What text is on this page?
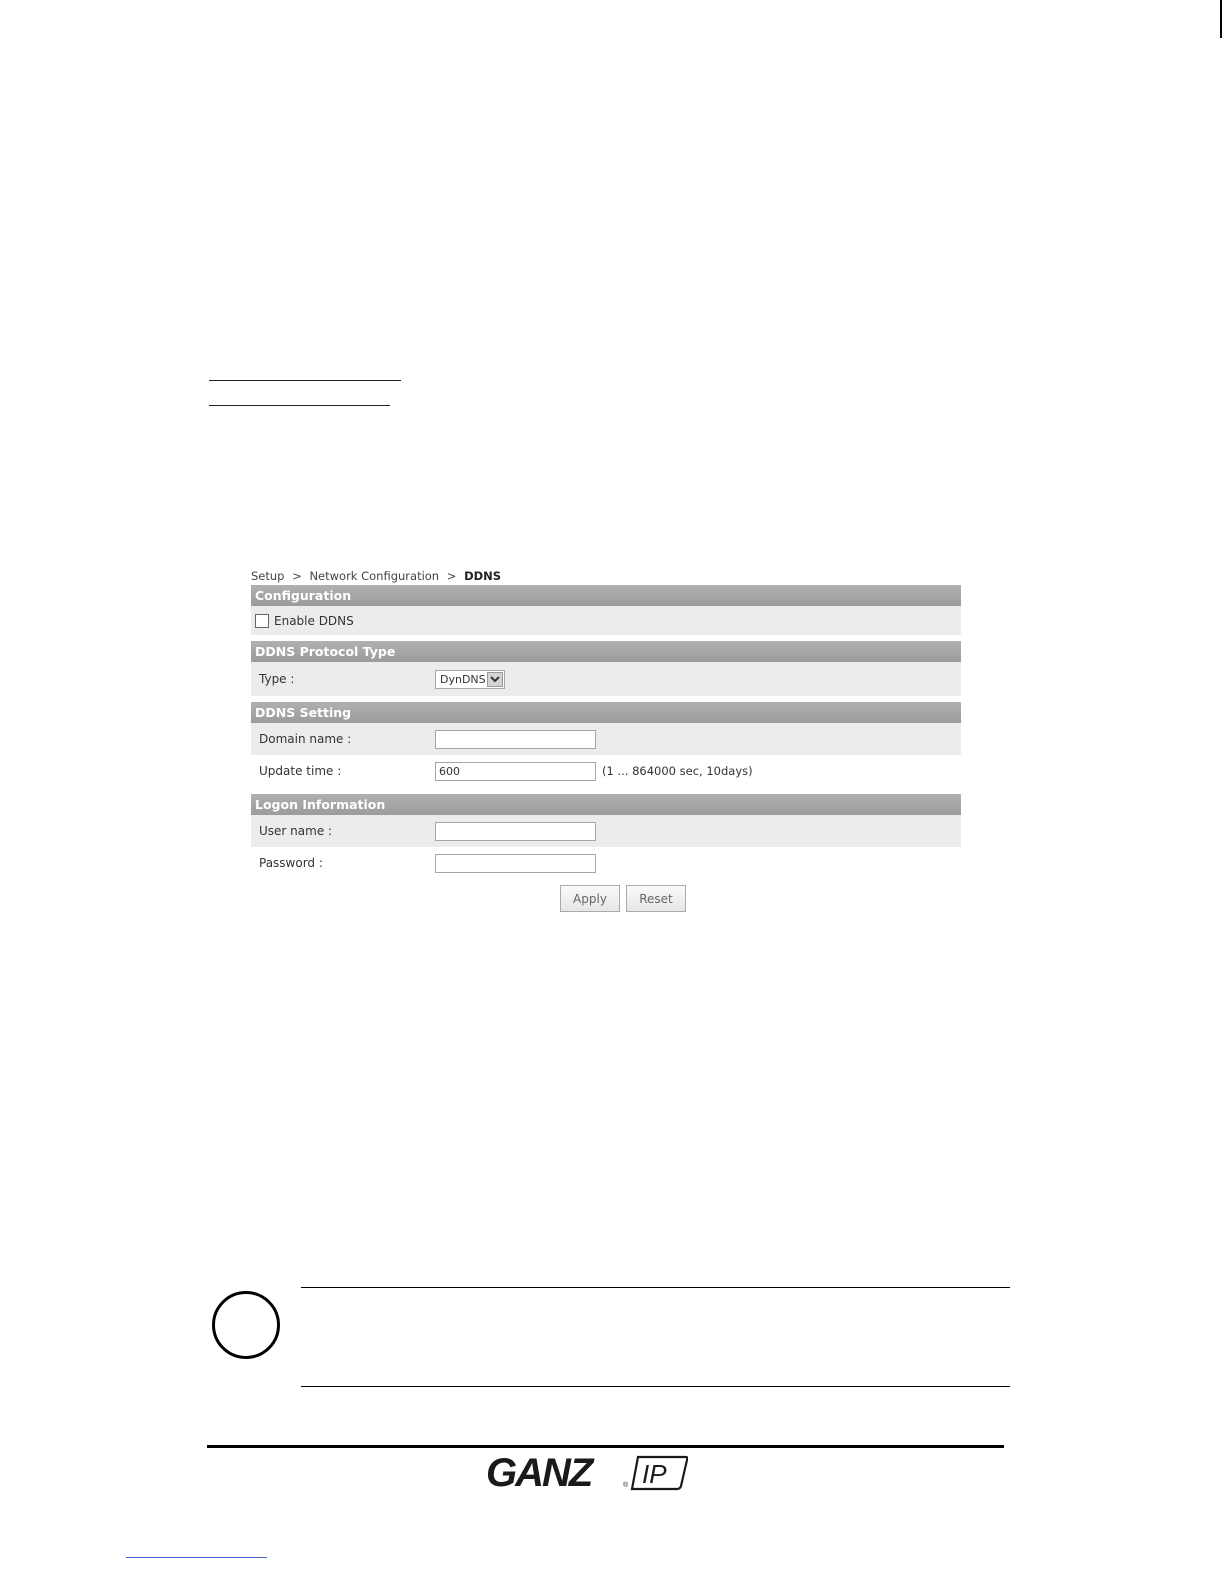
Setup > Network Configuration > DDNS
Configuration
Enable DDNS
DDNS Protocol Type
Type :	DynDNS
DDNS Setting
Domain name :
Update time :	600	(1 ... 864000 sec, 10days)
Logon Information
User name :
Password :
Apply	Reset
GANZ	® IP
